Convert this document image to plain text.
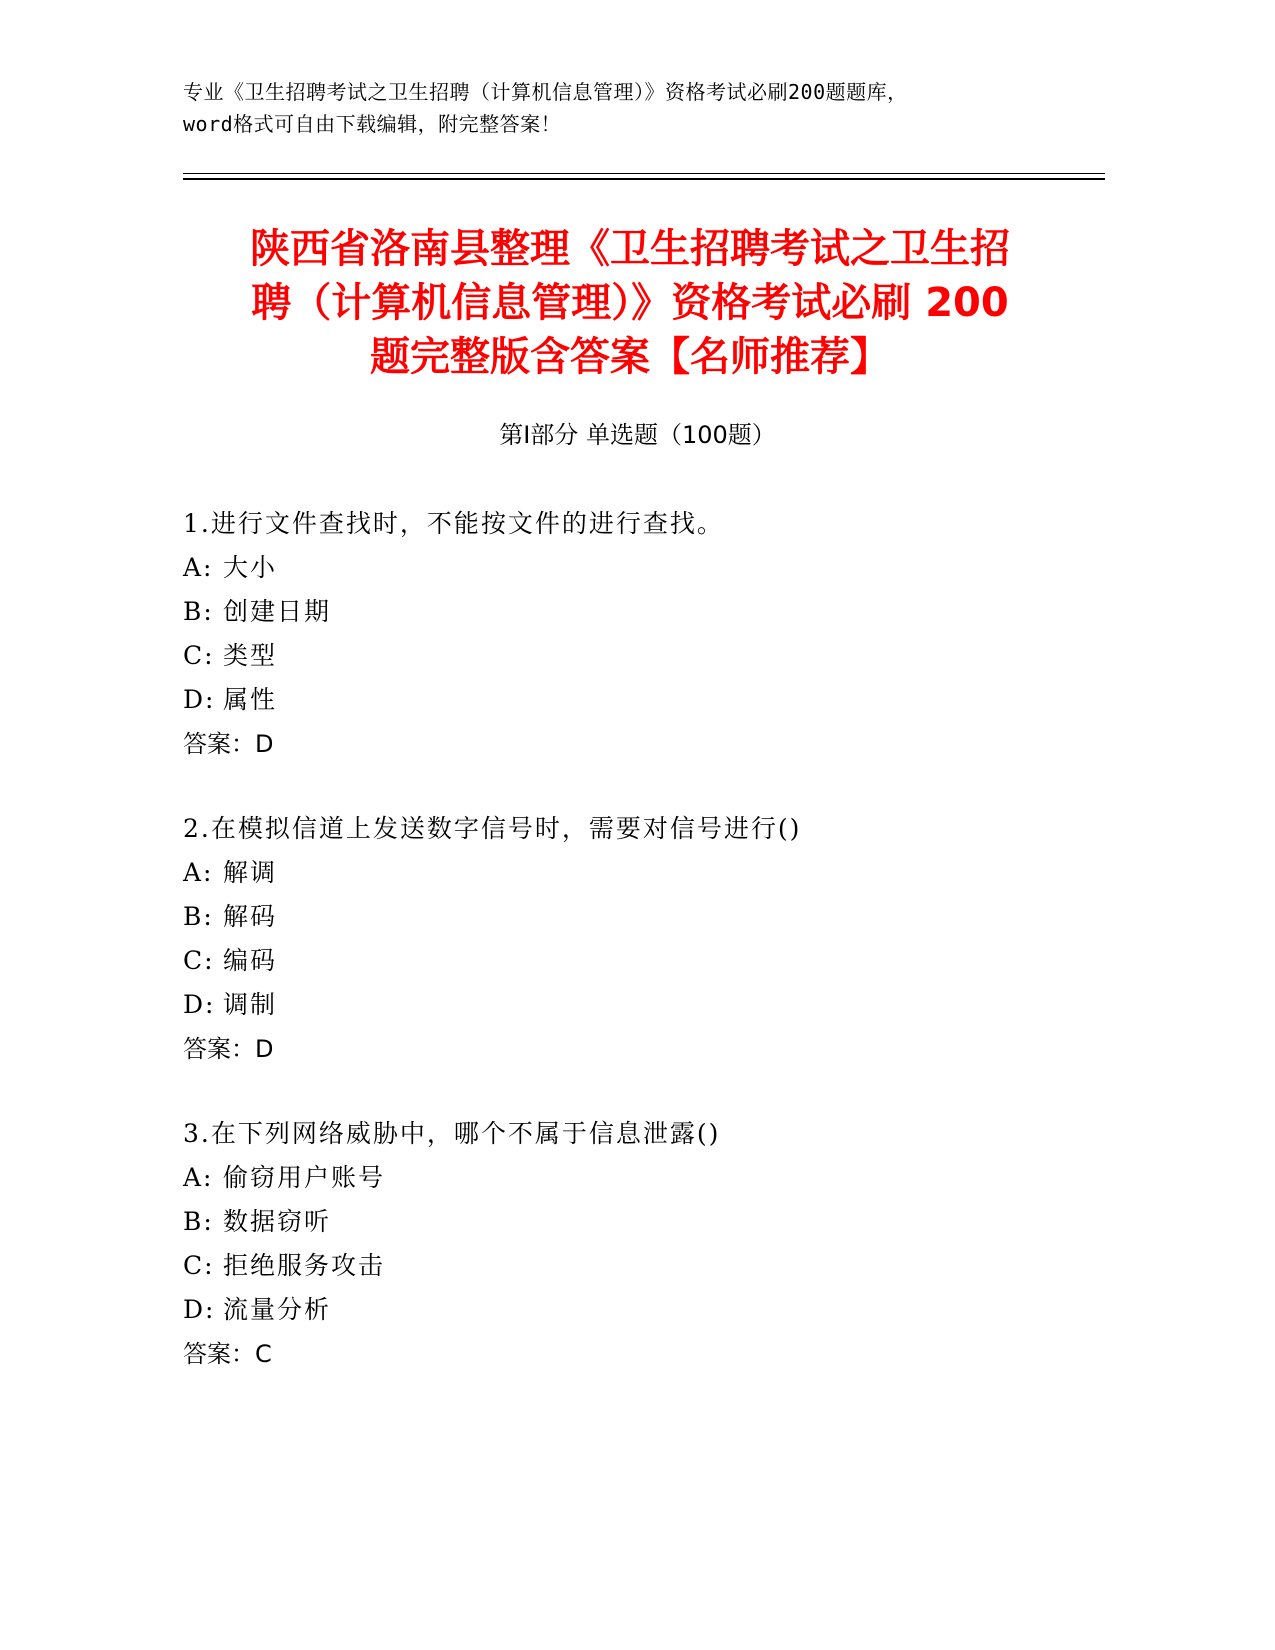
专业《卫生招聘考试之卫生招聘（计算机信息管理）》资格考试必刷200题题库，
word格式可自由下载编辑，附完整答案！
陕西省洛南县整理《卫生招聘考试之卫生招
聘（计算机信息管理）》资格考试必刷 200
题完整版含答案【名师推荐】
第Ⅰ部分 单选题（100题）
1.进行文件查找时，不能按文件的进行查找。
A: 大小
B: 创建日期
C: 类型
D: 属性
答案：D
2.在模拟信道上发送数字信号时，需要对信号进行()
A: 解调
B: 解码
C: 编码
D: 调制
答案：D
3.在下列网络威胁中，哪个不属于信息泄露()
A: 偷窃用户账号
B: 数据窃听
C: 拒绝服务攻击
D: 流量分析
答案：C
